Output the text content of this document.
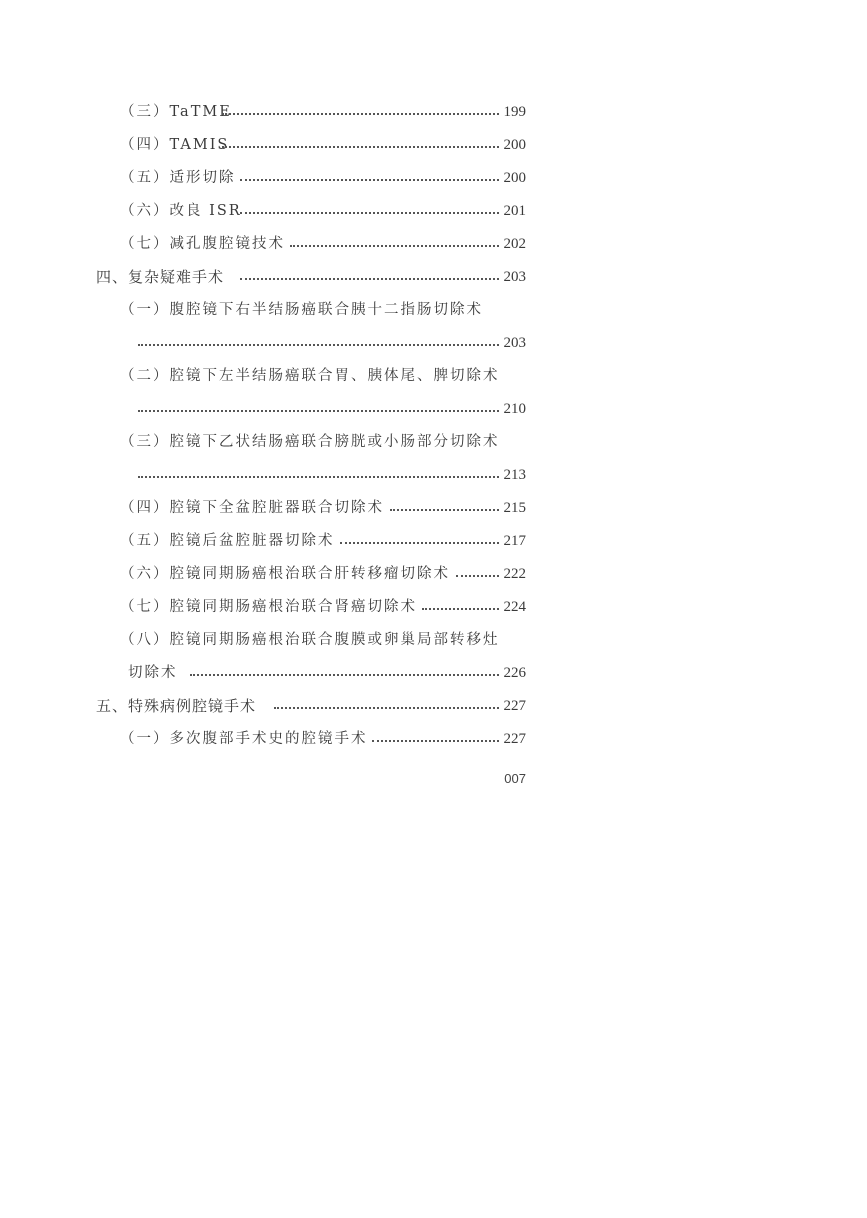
（三）TaTME	199
（四）TAMIS	200
（五）适形切除	200
（六）改良 ISR	201
（七）减孔腹腔镜技术	202
四、复杂疑难手术	203
（一）腹腔镜下右半结肠癌联合胰十二指肠切除术
203
（二）腔镜下左半结肠癌联合胃、胰体尾、脾切除术
210
（三）腔镜下乙状结肠癌联合膀胱或小肠部分切除术
213
（四）腔镜下全盆腔脏器联合切除术	215
（五）腔镜后盆腔脏器切除术	217
（六）腔镜同期肠癌根治联合肝转移瘤切除术	222
（七）腔镜同期肠癌根治联合肾癌切除术	224
（八）腔镜同期肠癌根治联合腹膜或卵巢局部转移灶
切除术	226
五、特殊病例腔镜手术	227
（一）多次腹部手术史的腔镜手术	227
007
